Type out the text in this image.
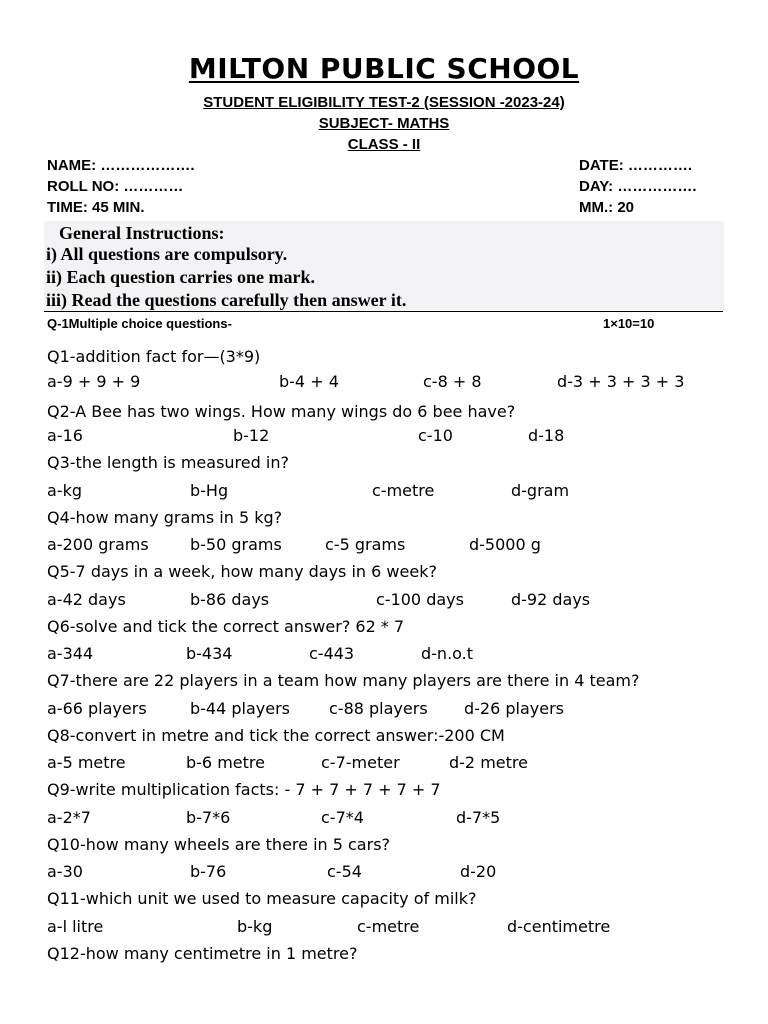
MILTON PUBLIC SCHOOL
STUDENT ELIGIBILITY TEST-2 (SESSION -2023-24)
SUBJECT- MATHS
CLASS - II
NAME: ……………….	DATE: ………….
ROLL NO: …………	DAY: …………….
TIME: 45 MIN.	MM.: 20
General Instructions:
i) All questions are compulsory.
ii) Each question carries one mark.
iii) Read the questions carefully then answer it.
Q-1Multiple choice questions-	1×10=10
Q1-addition fact for—(3*9)
a-9 + 9 + 9	b-4 + 4	c-8 + 8	d-3 + 3 + 3 + 3
Q2-A Bee has two wings. How many wings do 6 bee have?
a-16	b-12	c-10	d-18
Q3-the length is measured in?
a-kg	b-Hg	c-metre	d-gram
Q4-how many grams in 5 kg?
a-200 grams	b-50 grams	c-5 grams	d-5000 g
Q5-7 days in a week, how many days in 6 week?
a-42 days	b-86 days	c-100 days	d-92 days
Q6-solve and tick the correct answer? 62 * 7
a-344	b-434	c-443	d-n.o.t
Q7-there are 22 players in a team how many players are there in 4 team?
a-66 players	b-44 players c-88 players d-26 players
Q8-convert in metre and tick the correct answer:-200 CM
a-5 metre	b-6 metre	c-7-meter	d-2 metre
Q9-write multiplication facts: - 7 + 7 + 7 + 7 + 7
a-2*7	b-7*6	c-7*4	d-7*5
Q10-how many wheels are there in 5 cars?
a-30	b-76	c-54	d-20
Q11-which unit we used to measure capacity of milk?
a-l litre	b-kg	c-metre	d-centimetre
Q12-how many centimetre in 1 metre?
